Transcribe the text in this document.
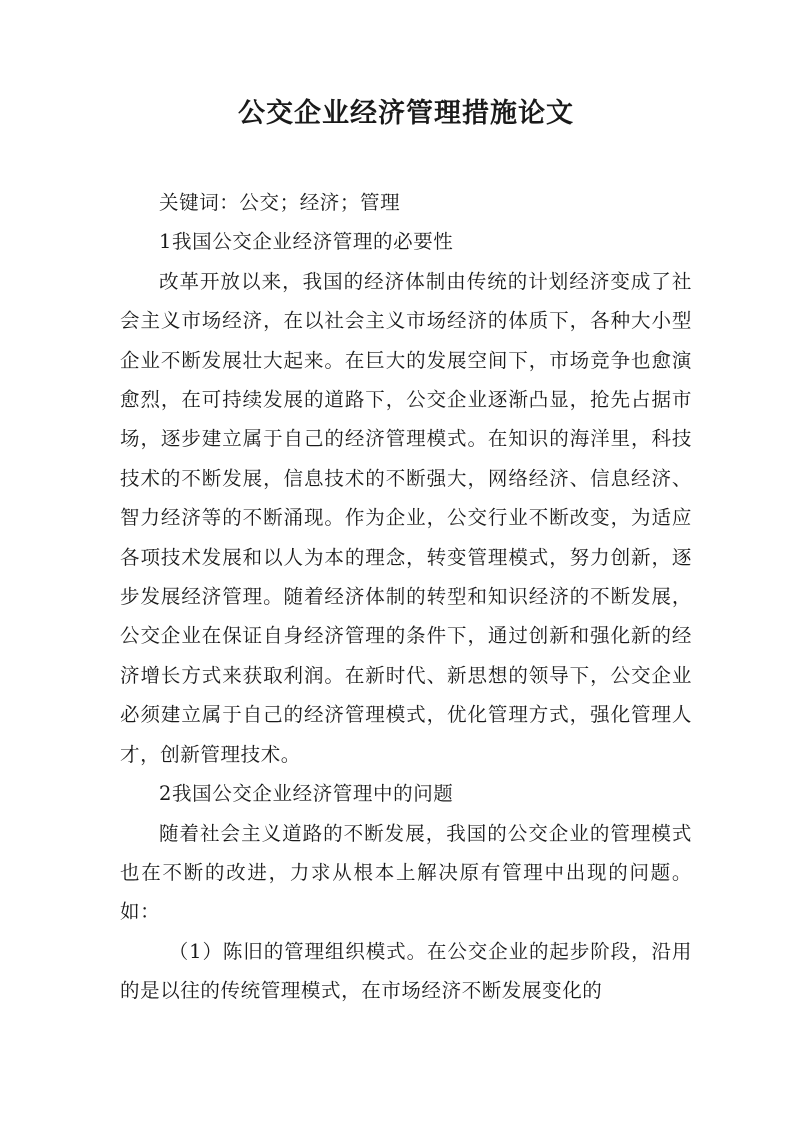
公交企业经济管理措施论文

关键词：公交；经济；管理

1我国公交企业经济管理的必要性

改革开放以来，我国的经济体制由传统的计划经济变成了社会主义市场经济，在以社会主义市场经济的体质下，各种大小型企业不断发展壮大起来。在巨大的发展空间下，市场竞争也愈演愈烈，在可持续发展的道路下，公交企业逐渐凸显，抢先占据市场，逐步建立属于自己的经济管理模式。在知识的海洋里，科技技术的不断发展，信息技术的不断强大，网络经济、信息经济、智力经济等的不断涌现。作为企业，公交行业不断改变，为适应各项技术发展和以人为本的理念，转变管理模式，努力创新，逐步发展经济管理。随着经济体制的转型和知识经济的不断发展，公交企业在保证自身经济管理的条件下，通过创新和强化新的经济增长方式来获取利润。在新时代、新思想的领导下，公交企业必须建立属于自己的经济管理模式，优化管理方式，强化管理人才，创新管理技术。

2我国公交企业经济管理中的问题

随着社会主义道路的不断发展，我国的公交企业的管理模式也在不断的改进，力求从根本上解决原有管理中出现的问题。如：

（1）陈旧的管理组织模式。在公交企业的起步阶段，沿用的是以往的传统管理模式，在市场经济不断发展变化的
